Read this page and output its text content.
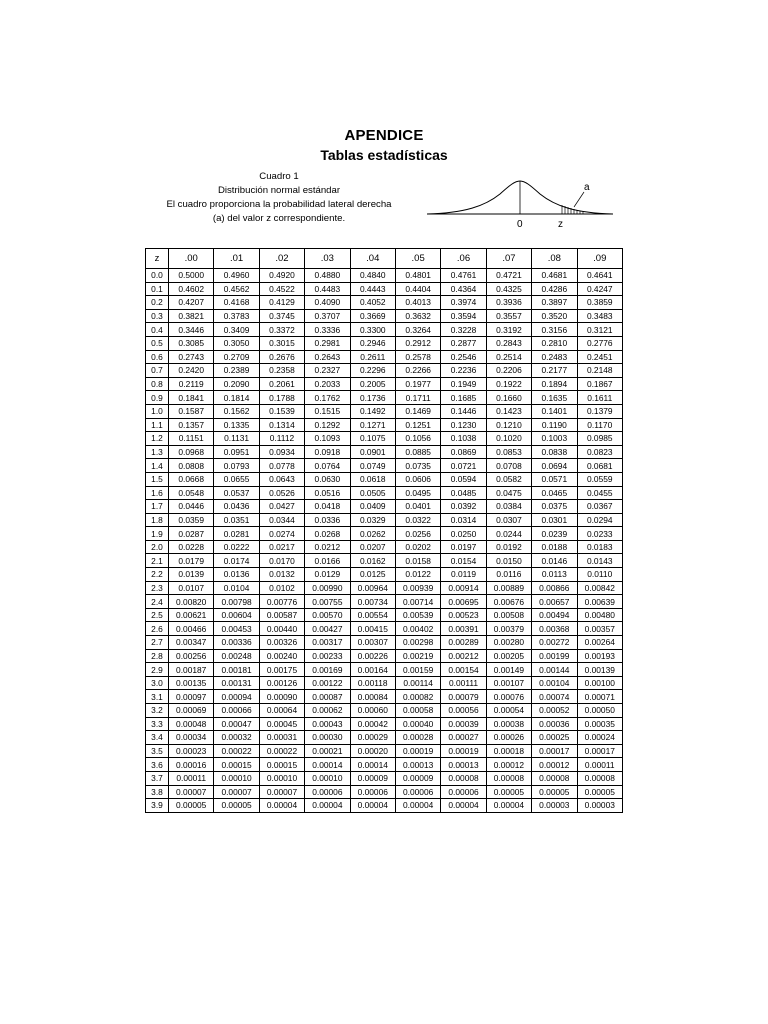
APENDICE
Tablas estadísticas
Cuadro 1
Distribución normal estándar
El cuadro proporciona la probabilidad lateral derecha
(a) del valor z correspondiente.
a
0	z
z	.00	.01	.02	.03	.04	.05	.06	.07	.08	.09
0.0	0.5000	0.4960	0.4920	0.4880	0.4840	0.4801	0.4761	0.4721	0.4681	0.4641
0.1	0.4602	0.4562	0.4522	0.4483	0.4443	0.4404	0.4364	0.4325	0.4286	0.4247
0.2	0.4207	0.4168	0.4129	0.4090	0.4052	0.4013	0.3974	0.3936	0.3897	0.3859
0.3	0.3821	0.3783	0.3745	0.3707	0.3669	0.3632	0.3594	0.3557	0.3520	0.3483
0.4	0.3446	0.3409	0.3372	0.3336	0.3300	0.3264	0.3228	0.3192	0.3156	0.3121
0.5	0.3085	0.3050	0.3015	0.2981	0.2946	0.2912	0.2877	0.2843	0.2810	0.2776
0.6	0.2743	0.2709	0.2676	0.2643	0.2611	0.2578	0.2546	0.2514	0.2483	0.2451
0.7	0.2420	0.2389	0.2358	0.2327	0.2296	0.2266	0.2236	0.2206	0.2177	0.2148
0.8	0.2119	0.2090	0.2061	0.2033	0.2005	0.1977	0.1949	0.1922	0.1894	0.1867
0.9	0.1841	0.1814	0.1788	0.1762	0.1736	0.1711	0.1685	0.1660	0.1635	0.1611
1.0	0.1587	0.1562	0.1539	0.1515	0.1492	0.1469	0.1446	0.1423	0.1401	0.1379
1.1	0.1357	0.1335	0.1314	0.1292	0.1271	0.1251	0.1230	0.1210	0.1190	0.1170
1.2	0.1151	0.1131	0.1112	0.1093	0.1075	0.1056	0.1038	0.1020	0.1003	0.0985
1.3	0.0968	0.0951	0.0934	0.0918	0.0901	0.0885	0.0869	0.0853	0.0838	0.0823
1.4	0.0808	0.0793	0.0778	0.0764	0.0749	0.0735	0.0721	0.0708	0.0694	0.0681
1.5	0.0668	0.0655	0.0643	0.0630	0.0618	0.0606	0.0594	0.0582	0.0571	0.0559
1.6	0.0548	0.0537	0.0526	0.0516	0.0505	0.0495	0.0485	0.0475	0.0465	0.0455
1.7	0.0446	0.0436	0.0427	0.0418	0.0409	0.0401	0.0392	0.0384	0.0375	0.0367
1.8	0.0359	0.0351	0.0344	0.0336	0.0329	0.0322	0.0314	0.0307	0.0301	0.0294
1.9	0.0287	0.0281	0.0274	0.0268	0.0262	0.0256	0.0250	0.0244	0.0239	0.0233
2.0	0.0228	0.0222	0.0217	0.0212	0.0207	0.0202	0.0197	0.0192	0.0188	0.0183
2.1	0.0179	0.0174	0.0170	0.0166	0.0162	0.0158	0.0154	0.0150	0.0146	0.0143
2.2	0.0139	0.0136	0.0132	0.0129	0.0125	0.0122	0.0119	0.0116	0.0113	0.0110
2.3	0.0107	0.0104	0.0102	0.00990	0.00964	0.00939	0.00914	0.00889	0.00866	0.00842
2.4	0.00820	0.00798	0.00776	0.00755	0.00734	0.00714	0.00695	0.00676	0.00657	0.00639
2.5	0.00621	0.00604	0.00587	0.00570	0.00554	0.00539	0.00523	0.00508	0.00494	0.00480
2.6	0.00466	0.00453	0.00440	0.00427	0.00415	0.00402	0.00391	0.00379	0.00368	0.00357
2.7	0.00347	0.00336	0.00326	0.00317	0.00307	0.00298	0.00289	0.00280	0.00272	0.00264
2.8	0.00256	0.00248	0.00240	0.00233	0.00226	0.00219	0.00212	0.00205	0.00199	0.00193
2.9	0.00187	0.00181	0.00175	0.00169	0.00164	0.00159	0.00154	0.00149	0.00144	0.00139
3.0	0.00135	0.00131	0.00126	0.00122	0.00118	0.00114	0.00111	0.00107	0.00104	0.00100
3.1	0.00097	0.00094	0.00090	0.00087	0.00084	0.00082	0.00079	0.00076	0.00074	0.00071
3.2	0.00069	0.00066	0.00064	0.00062	0.00060	0.00058	0.00056	0.00054	0.00052	0.00050
3.3	0.00048	0.00047	0.00045	0.00043	0.00042	0.00040	0.00039	0.00038	0.00036	0.00035
3.4	0.00034	0.00032	0.00031	0.00030	0.00029	0.00028	0.00027	0.00026	0.00025	0.00024
3.5	0.00023	0.00022	0.00022	0.00021	0.00020	0.00019	0.00019	0.00018	0.00017	0.00017
3.6	0.00016	0.00015	0.00015	0.00014	0.00014	0.00013	0.00013	0.00012	0.00012	0.00011
3.7	0.00011	0.00010	0.00010	0.00010	0.00009	0.00009	0.00008	0.00008	0.00008	0.00008
3.8	0.00007	0.00007	0.00007	0.00006	0.00006	0.00006	0.00006	0.00005	0.00005	0.00005
3.9	0.00005	0.00005	0.00004	0.00004	0.00004	0.00004	0.00004	0.00004	0.00003	0.00003
